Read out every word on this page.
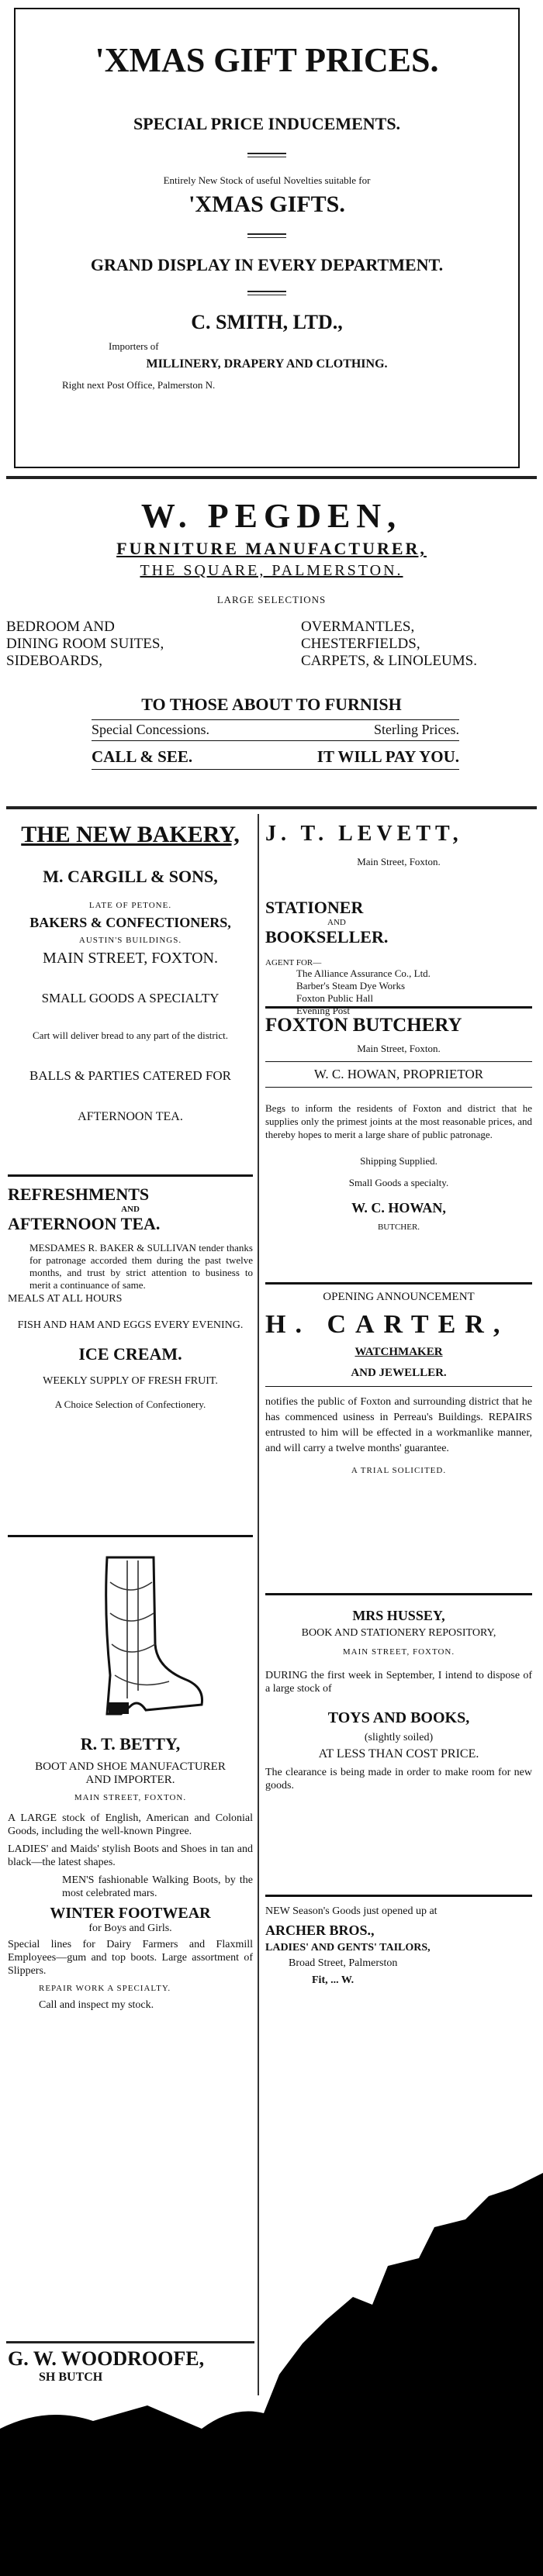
'XMAS GIFT PRICES.

SPECIAL PRICE INDUCEMENTS.

Entirely New Stock of useful Novelties suitable for

'XMAS GIFTS.

GRAND DISPLAY IN EVERY DEPARTMENT.

C. SMITH, LTD.,

Importers of

MILLINERY, DRAPERY AND CLOTHING.

Right next Post Office, Palmerston N.

W. PEGDEN,

FURNITURE MANUFACTURER,

THE SQUARE, PALMERSTON.

LARGE SELECTIONS

BEDROOM AND

DINING ROOM SUITES,

SIDEBOARDS,

OVERMANTLES,

CHESTERFIELDS,

CARPETS, & LINOLEUMS.

TO THOSE ABOUT TO FURNISH

Special Concessions.	Sterling Prices.
CALL & SEE.	IT WILL PAY YOU.

THE NEW BAKERY,

M. CARGILL & SONS,

LATE OF PETONE.

BAKERS & CONFECTIONERS,

AUSTIN'S BUILDINGS.

MAIN STREET, FOXTON.

SMALL GOODS A SPECIALTY

Cart will deliver bread to any part of the district.

BALLS & PARTIES CATERED FOR

AFTERNOON TEA.

REFRESHMENTS

AND

AFTERNOON TEA.

MESDAMES R. BAKER & SULLIVAN tender thanks for patronage accorded them during the past twelve months, and trust by strict attention to business to merit a continuance of same.

MEALS AT ALL HOURS

FISH AND HAM AND EGGS EVERY EVENING.

ICE CREAM.

WEEKLY SUPPLY OF FRESH FRUIT.

A Choice Selection of Confectionery.

R. T. BETTY,

BOOT AND SHOE MANUFACTURER AND IMPORTER.

MAIN STREET, FOXTON.

A LARGE stock of English, American and Colonial Goods, including the well-known Pingree.

LADIES' and Maids' stylish Boots and Shoes in tan and black—the latest shapes.

MEN'S fashionable Walking Boots, by the most celebrated mars.

WINTER FOOTWEAR

for Boys and Girls.

Special lines for Dairy Farmers and Flaxmill Employees—gum and top boots. Large assortment of Slippers.

REPAIR WORK A SPECIALTY.

Call and inspect my stock.

G. W. WOODROOFE,

SH BUTCH

J. T. LEVETT,

Main Street, Foxton.

STATIONER

AND

BOOKSELLER.

AGENT FOR—

The Alliance Assurance Co., Ltd.

Barber's Steam Dye Works

Foxton Public Hall

Evening Post

FOXTON BUTCHERY

Main Street, Foxton.

W. C. HOWAN, PROPRIETOR

Begs to inform the residents of Foxton and district that he supplies only the primest joints at the most reasonable prices, and thereby hopes to merit a large share of public patronage.

Shipping Supplied.

Small Goods a specialty.

W. C. HOWAN,

BUTCHER.

OPENING ANNOUNCEMENT

H. CARTER,

WATCHMAKER

AND JEWELLER.

notifies the public of Foxton and surrounding district that he has commenced usiness in Perreau's Buildings. REPAIRS entrusted to him will be effected in a workmanlike manner, and will carry a twelve months' guarantee.

A TRIAL SOLICITED.

MRS HUSSEY,

BOOK AND STATIONERY REPOSITORY,

MAIN STREET, FOXTON.

DURING the first week in September, I intend to dispose of a large stock of

TOYS AND BOOKS,

(slightly soiled)

AT LESS THAN COST PRICE.

The clearance is being made in order to make room for new goods.

NEW Season's Goods just opened up at

ARCHER BROS.,

LADIES' AND GENTS' TAILORS,

Broad Street, Palmerston

Fit, ... W.
